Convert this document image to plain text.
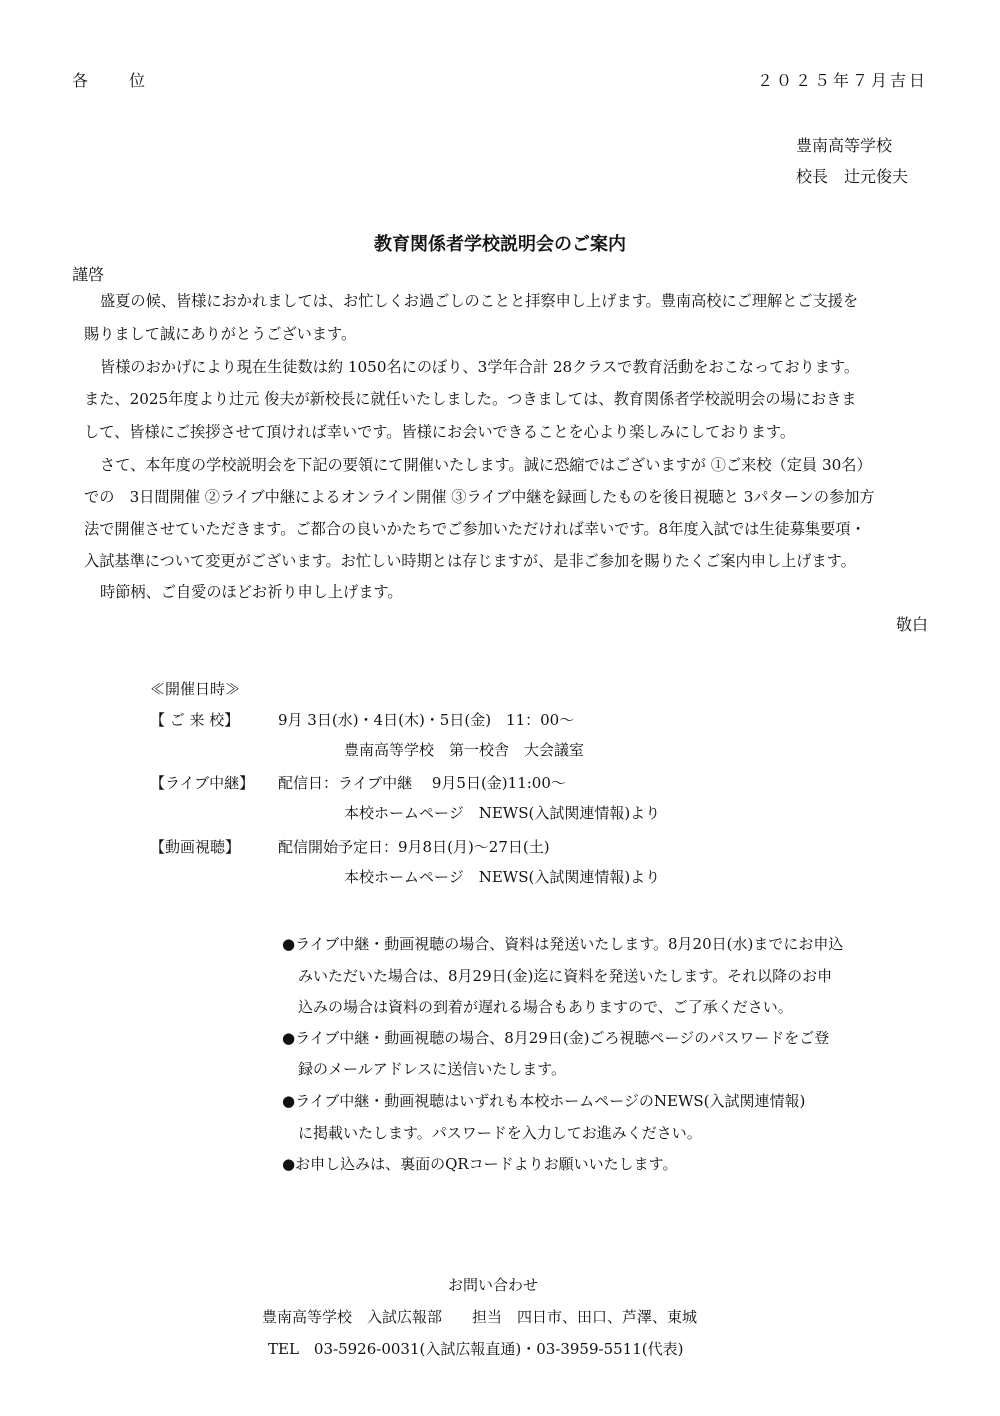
各　　位	２０２５年７月吉日
豊南高等学校
校長　辻元俊夫
教育関係者学校説明会のご案内
謹啓
盛夏の候、皆様におかれましては、お忙しくお過ごしのことと拝察申し上げます。豊南高校にご理解とご支援を
賜りまして誠にありがとうございます。
皆様のおかげにより現在生徒数は約 1050名にのぼり、3学年合計 28クラスで教育活動をおこなっております。
また、2025年度より辻元 俊夫が新校長に就任いたしました。つきましては、教育関係者学校説明会の場におきま
して、皆様にご挨拶させて頂ければ幸いです。皆様にお会いできることを心より楽しみにしております。
さて、本年度の学校説明会を下記の要領にて開催いたします。誠に恐縮ではございますが ①ご来校（定員 30名）
での　3日間開催 ②ライブ中継によるオンライン開催 ③ライブ中継を録画したものを後日視聴と 3パターンの参加方
法で開催させていただきます。ご都合の良いかたちでご参加いただければ幸いです。8年度入試では生徒募集要項・
入試基準について変更がございます。お忙しい時期とは存じますが、是非ご参加を賜りたくご案内申し上げます。
時節柄、ご自愛のほどお祈り申し上げます。
敬白
≪開催日時≫
【 ご 来 校】	9月 3日(水)・4日(木)・5日(金)　11：00～
豊南高等学校　第一校舎　大会議室
【ライブ中継】 配信日：ライブ中継　 9月5日(金)11:00～
本校ホームページ　NEWS(入試関連情報)より
【動画視聴】	配信開始予定日：9月8日(月)～27日(土)
本校ホームページ　NEWS(入試関連情報)より
●ライブ中継・動画視聴の場合、資料は発送いたします。8月20日(水)までにお申込
みいただいた場合は、8月29日(金)迄に資料を発送いたします。それ以降のお申
込みの場合は資料の到着が遅れる場合もありますので、ご了承ください。
●ライブ中継・動画視聴の場合、8月29日(金)ごろ視聴ページのパスワードをご登
録のメールアドレスに送信いたします。
●ライブ中継・動画視聴はいずれも本校ホームページのNEWS(入試関連情報)
に掲載いたします。パスワードを入力してお進みください。
●お申し込みは、裏面のQRコードよりお願いいたします。
お問い合わせ
豊南高等学校　入試広報部　　担当　四日市、田口、芦澤、東城
TEL　03-5926-0031(入試広報直通)・03-3959-5511(代表)
